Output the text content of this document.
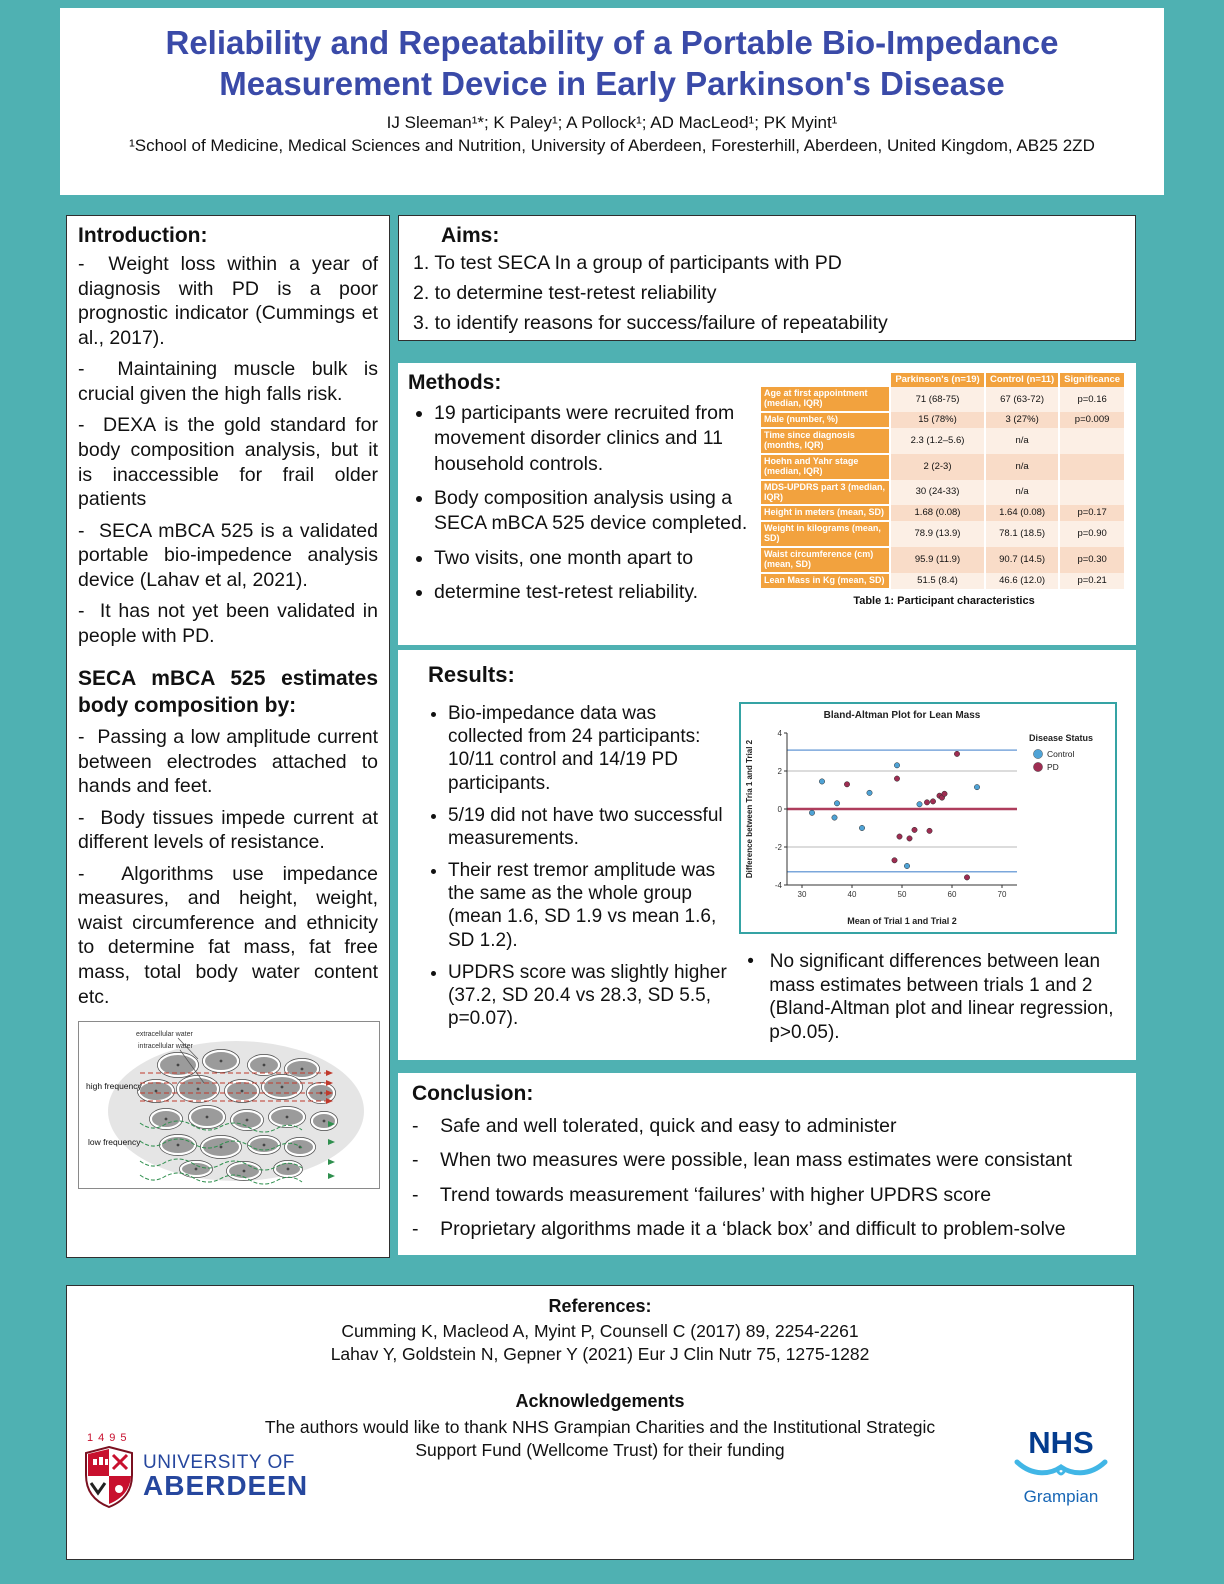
Reliability and Repeatability of a Portable Bio-Impedance Measurement Device in Early Parkinson's Disease
IJ Sleeman¹*; K Paley¹; A Pollock¹; AD MacLeod¹; PK Myint¹
¹School of Medicine, Medical Sciences and Nutrition, University of Aberdeen, Foresterhill, Aberdeen, United Kingdom, AB25 2ZD
Introduction:

- Weight loss within a year of diagnosis with PD is a poor prognostic indicator (Cummings et al., 2017).

- Maintaining muscle bulk is crucial given the high falls risk.

- DEXA is the gold standard for body composition analysis, but it is inaccessible for frail older patients

- SECA mBCA 525 is a validated portable bio-impedence analysis device (Lahav et al, 2021).

- It has not yet been validated in people with PD.

SECA mBCA 525 estimates body composition by:

- Passing a low amplitude current between electrodes attached to hands and feet.

- Body tissues impede current at different levels of resistance.

- Algorithms use impedance measures, and height, weight, waist circumference and ethnicity to determine fat mass, fat free mass, total body water content etc.

extracellular water
intracellular water
high frequency
low frequency
Aims:

1. To test SECA In a group of participants with PD

2. to determine test-retest reliability

3. to identify reasons for success/failure of repeatability

Methods:
• 19 participants were recruited from movement disorder clinics and 11 household controls.
• Body composition analysis using a SECA mBCA 525 device completed.
• Two visits, one month apart to
• determine test-retest reliability.
	Parkinson's (n=19)	Control (n=11)	Significance
Age at first appointment (median, IQR)	71 (68-75)	67 (63-72)	p=0.16
Male (number, %)	15 (78%)	3 (27%)	p=0.009
Time since diagnosis (months, IQR)	2.3 (1.2–5.6)	n/a	
Hoehn and Yahr stage (median, IQR)	2 (2-3)	n/a	
MDS-UPDRS part 3 (median, IQR)	30 (24-33)	n/a	
Height in meters (mean, SD)	1.68 (0.08)	1.64 (0.08)	p=0.17
Weight in kilograms (mean, SD)	78.9 (13.9)	78.1 (18.5)	p=0.90
Waist circumference (cm) (mean, SD)	95.9 (11.9)	90.7 (14.5)	p=0.30
Lean Mass in Kg (mean, SD)	51.5 (8.4)	46.6 (12.0)	p=0.21
Table 1: Participant characteristics
Results:
• Bio-impedance data was collected from 24 participants: 10/11 control and 14/19 PD participants.
• 5/19 did not have two successful measurements.
• Their rest tremor amplitude was the same as the whole group (mean 1.6, SD 1.9 vs mean 1.6, SD 1.2).
• UPDRS score was slightly higher (37.2, SD 20.4 vs 28.3, SD 5.5, p=0.07).
Bland-Altman Plot for Lean Mass
30	40	50	60	70
4
2
0
-2
-4
Mean of Trial 1 and Trial 2
Difference between Tria 1 and Trial 2
Disease Status
Control
PD
• No significant differences between lean mass estimates between trials 1 and 2 (Bland-Altman plot and linear regression, p>0.05).
Conclusion:

- Safe and well tolerated, quick and easy to administer

- When two measures were possible, lean mass estimates were consistant

- Trend towards measurement ‘failures’ with higher UPDRS score

- Proprietary algorithms made it a ‘black box’ and difficult to problem-solve

References:
Cumming K, Macleod A, Myint P, Counsell C (2017) 89, 2254-2261
Lahav Y, Goldstein N, Gepner Y (2021) Eur J Clin Nutr 75, 1275-1282
Acknowledgements
The authors would like to thank NHS Grampian Charities and the Institutional Strategic Support Fund (Wellcome Trust) for their funding
1495
UNIVERSITY OF
ABERDEEN
NHS
Grampian
